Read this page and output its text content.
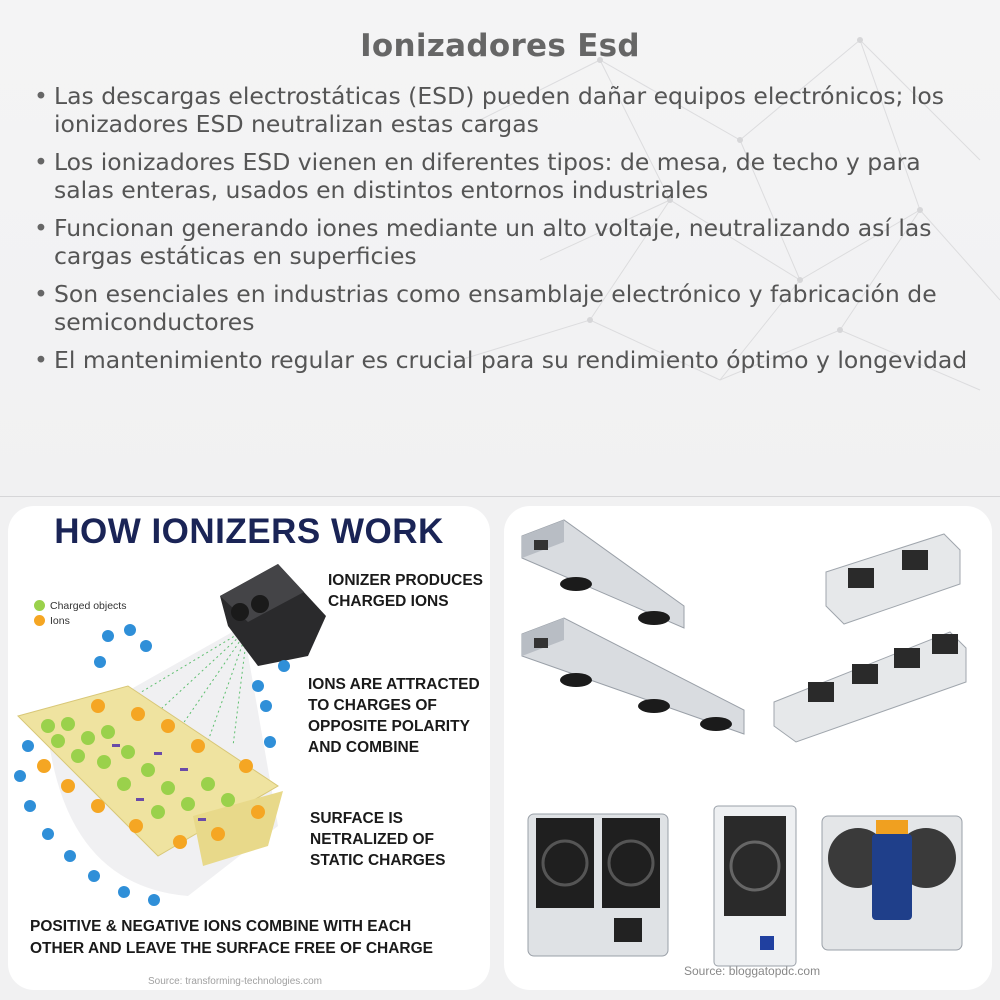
Ionizadores Esd
• Las descargas electrostáticas (ESD) pueden dañar equipos electrónicos; los ionizadores ESD neutralizan estas cargas
• Los ionizadores ESD vienen en diferentes tipos: de mesa, de techo y para salas enteras, usados en distintos entornos industriales
• Funcionan generando iones mediante un alto voltaje, neutralizando así las cargas estáticas en superficies
• Son esenciales en industrias como ensamblaje electrónico y fabricación de semiconductores
• El mantenimiento regular es crucial para su rendimiento óptimo y longevidad
HOW IONIZERS WORK
Charged objects
Ions
IONIZER PRODUCES
CHARGED IONS
IONS ARE ATTRACTED
TO CHARGES OF
OPPOSITE POLARITY
AND COMBINE
SURFACE IS
NETRALIZED OF
STATIC CHARGES
POSITIVE & NEGATIVE IONS COMBINE WITH EACH
OTHER AND LEAVE THE SURFACE FREE OF CHARGE
Source: transforming-technologies.com
Source: bloggatopdc.com
